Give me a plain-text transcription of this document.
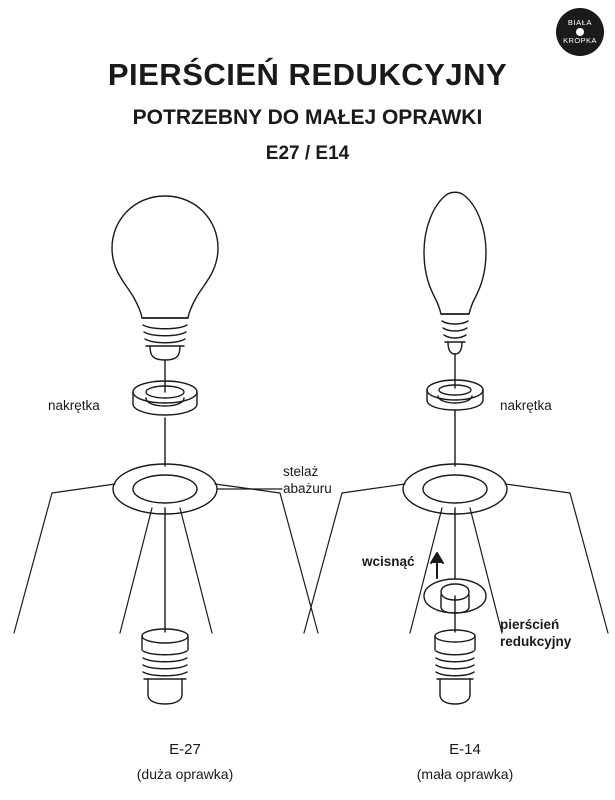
PIERŚCIEŃ REDUKCYJNY
POTRZEBNY DO MAŁEJ OPRAWKI
E27 / E14
nakrętka	nakrętka
stelaż
abażuru
wcisnąć
pierścień
redukcyjny
E-27
(duża oprawka)
E-14
(mała oprawka)
BIAŁA
KROPKA
